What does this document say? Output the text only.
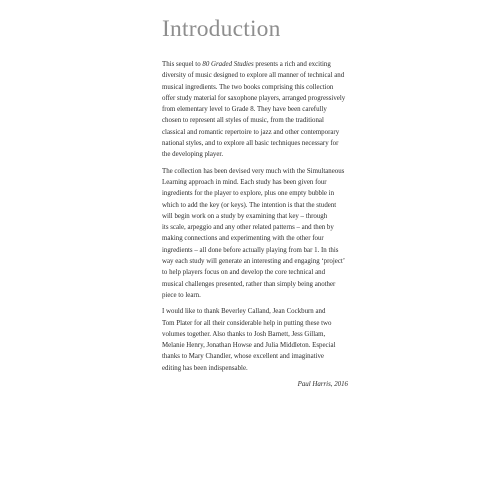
Introduction
This sequel to 80 Graded Studies presents a rich and exciting
diversity of music designed to explore all manner of technical and
musical ingredients. The two books comprising this collection
offer study material for saxophone players, arranged progressively
from elementary level to Grade 8. They have been carefully
chosen to represent all styles of music, from the traditional
classical and romantic repertoire to jazz and other contemporary
national styles, and to explore all basic techniques necessary for
the developing player.
The collection has been devised very much with the Simultaneous
Learning approach in mind. Each study has been given four
ingredients for the player to explore, plus one empty bubble in
which to add the key (or keys). The intention is that the student
will begin work on a study by examining that key – through
its scale, arpeggio and any other related patterns – and then by
making connections and experimenting with the other four
ingredients – all done before actually playing from bar 1. In this
way each study will generate an interesting and engaging ‘project’
to help players focus on and develop the core technical and
musical challenges presented, rather than simply being another
piece to learn.
I would like to thank Beverley Calland, Jean Cockburn and
Tom Plater for all their considerable help in putting these two
volumes together. Also thanks to Josh Barnett, Jess Gillam,
Melanie Henry, Jonathan Howse and Julia Middleton. Especial
thanks to Mary Chandler, whose excellent and imaginative
editing has been indispensable.
Paul Harris, 2016
